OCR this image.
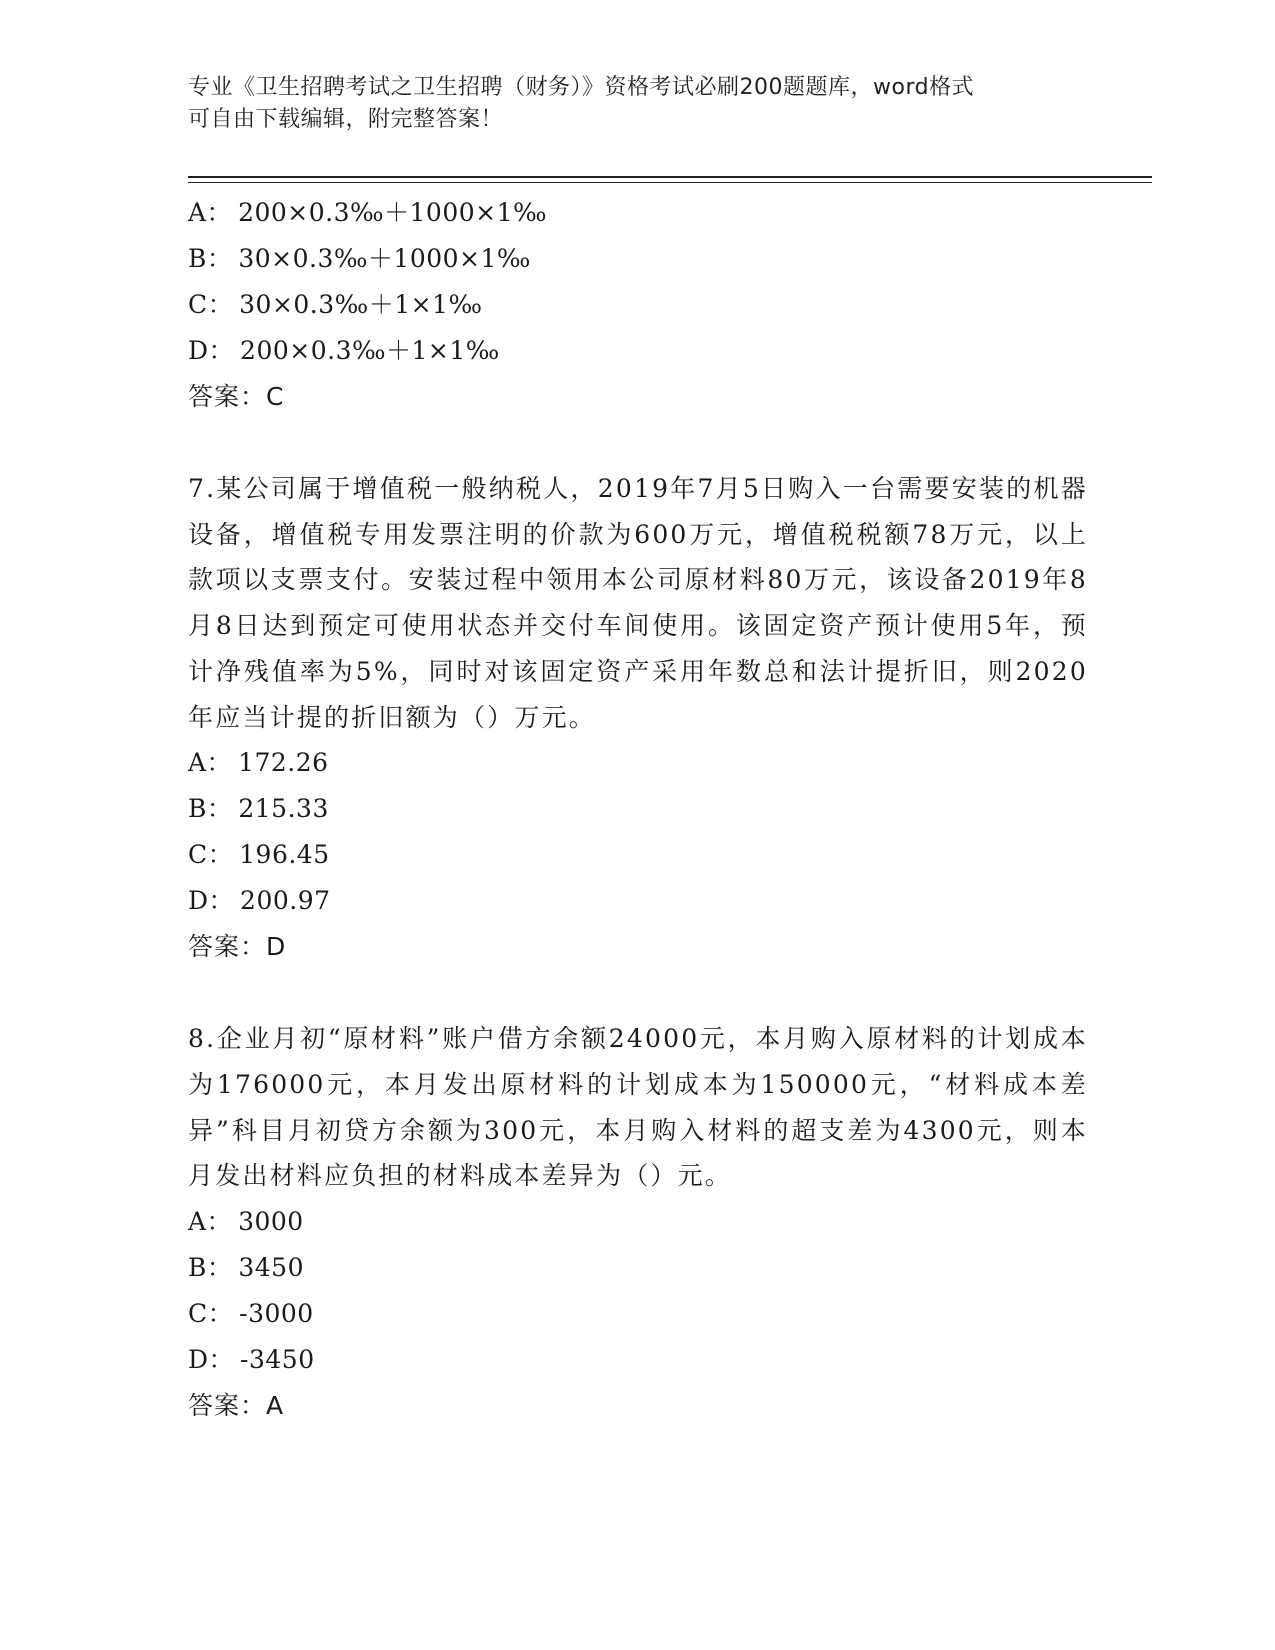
专业《卫生招聘考试之卫生招聘（财务）》资格考试必刷200题题库，word格式
可自由下载编辑，附完整答案！
A： 200×0.3‰＋1000×1‰
B： 30×0.3‰＋1000×1‰
C： 30×0.3‰＋1×1‰
D： 200×0.3‰＋1×1‰
答案：C
7.某公司属于增值税一般纳税人，2019年7月5日购入一台需要安装的机器设备，增值税专用发票注明的价款为600万元，增值税税额78万元，以上款项以支票支付。安装过程中领用本公司原材料80万元，该设备2019年8月8日达到预定可使用状态并交付车间使用。该固定资产预计使用5年，预计净残值率为5%，同时对该固定资产采用年数总和法计提折旧，则2020年应当计提的折旧额为（）万元。
A： 172.26
B： 215.33
C： 196.45
D： 200.97
答案：D
8.企业月初“原材料”账户借方余额24000元，本月购入原材料的计划成本为176000元，本月发出原材料的计划成本为150000元，“材料成本差异”科目月初贷方余额为300元，本月购入材料的超支差为4300元，则本月发出材料应负担的材料成本差异为（）元。
A： 3000
B： 3450
C： -3000
D： -3450
答案：A
